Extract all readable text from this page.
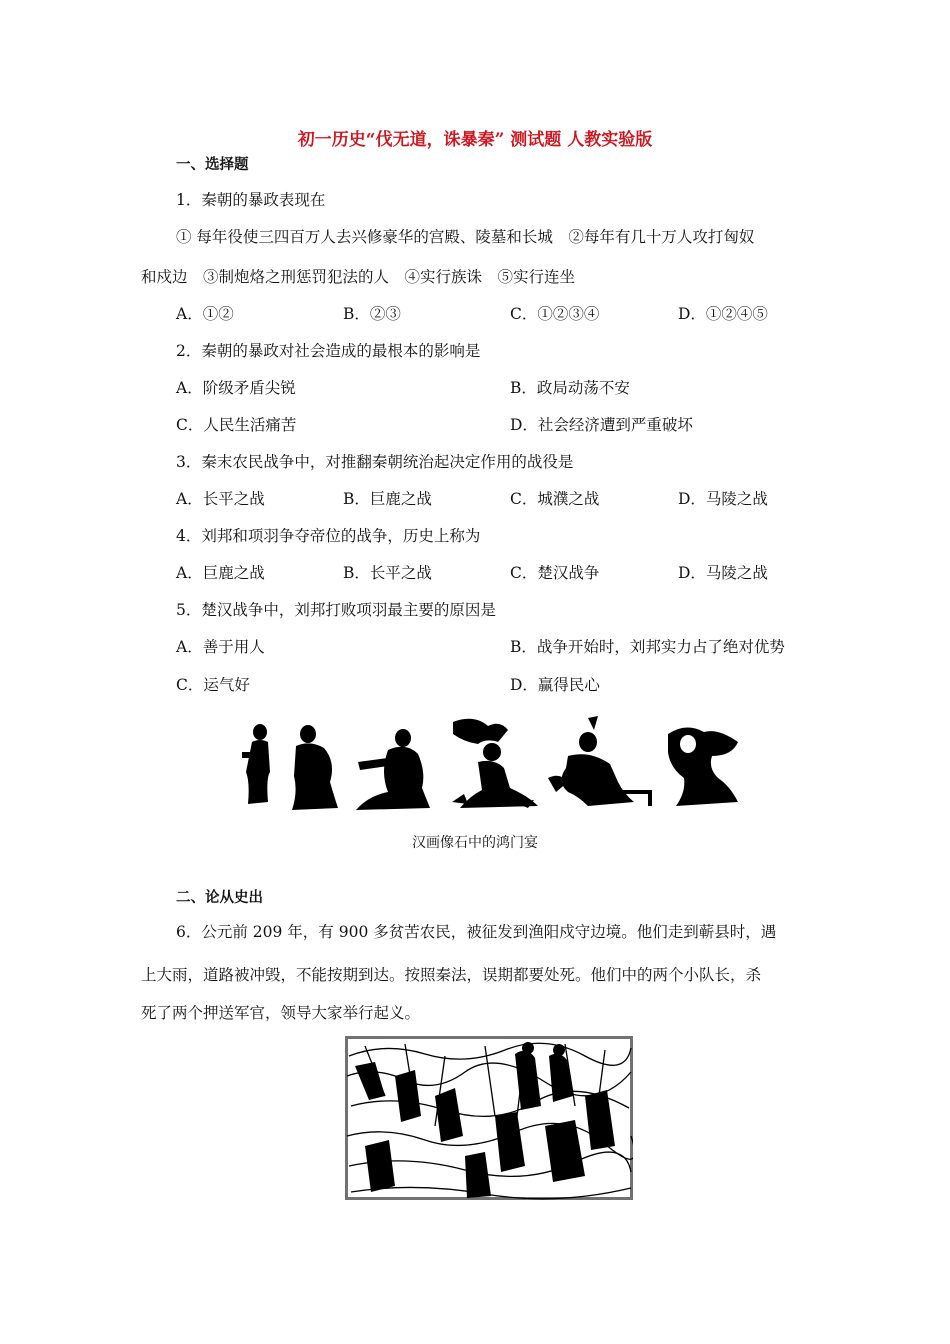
初一历史“伐无道，诛暴秦” 测试题 人教实验版
一、选择题
1．秦朝的暴政表现在
① 每年役使三四百万人去兴修豪华的宫殿、陵墓和长城　②每年有几十万人攻打匈奴
和戍边　③制炮烙之刑惩罚犯法的人　④实行族诛　⑤实行连坐
A．①②	B．②③	C．①②③④	D．①②④⑤
2．秦朝的暴政对社会造成的最根本的影响是
A．阶级矛盾尖锐	B．政局动荡不安
C．人民生活痛苦	D．社会经济遭到严重破坏
3．秦末农民战争中，对推翻秦朝统治起决定作用的战役是
A．长平之战	B．巨鹿之战	C．城濮之战	D．马陵之战
4．刘邦和项羽争夺帝位的战争，历史上称为
A．巨鹿之战	B．长平之战	C．楚汉战争	D．马陵之战
5．楚汉战争中，刘邦打败项羽最主要的原因是
A．善于用人	B．战争开始时，刘邦实力占了绝对优势
C．运气好	D．赢得民心
汉画像石中的鸿门宴
二、论从史出
6．公元前 209 年，有 900 多贫苦农民，被征发到渔阳戍守边境。他们走到蕲县时，遇
上大雨，道路被冲毁，不能按期到达。按照秦法，误期都要处死。他们中的两个小队长，杀
死了两个押送军官，领导大家举行起义。
